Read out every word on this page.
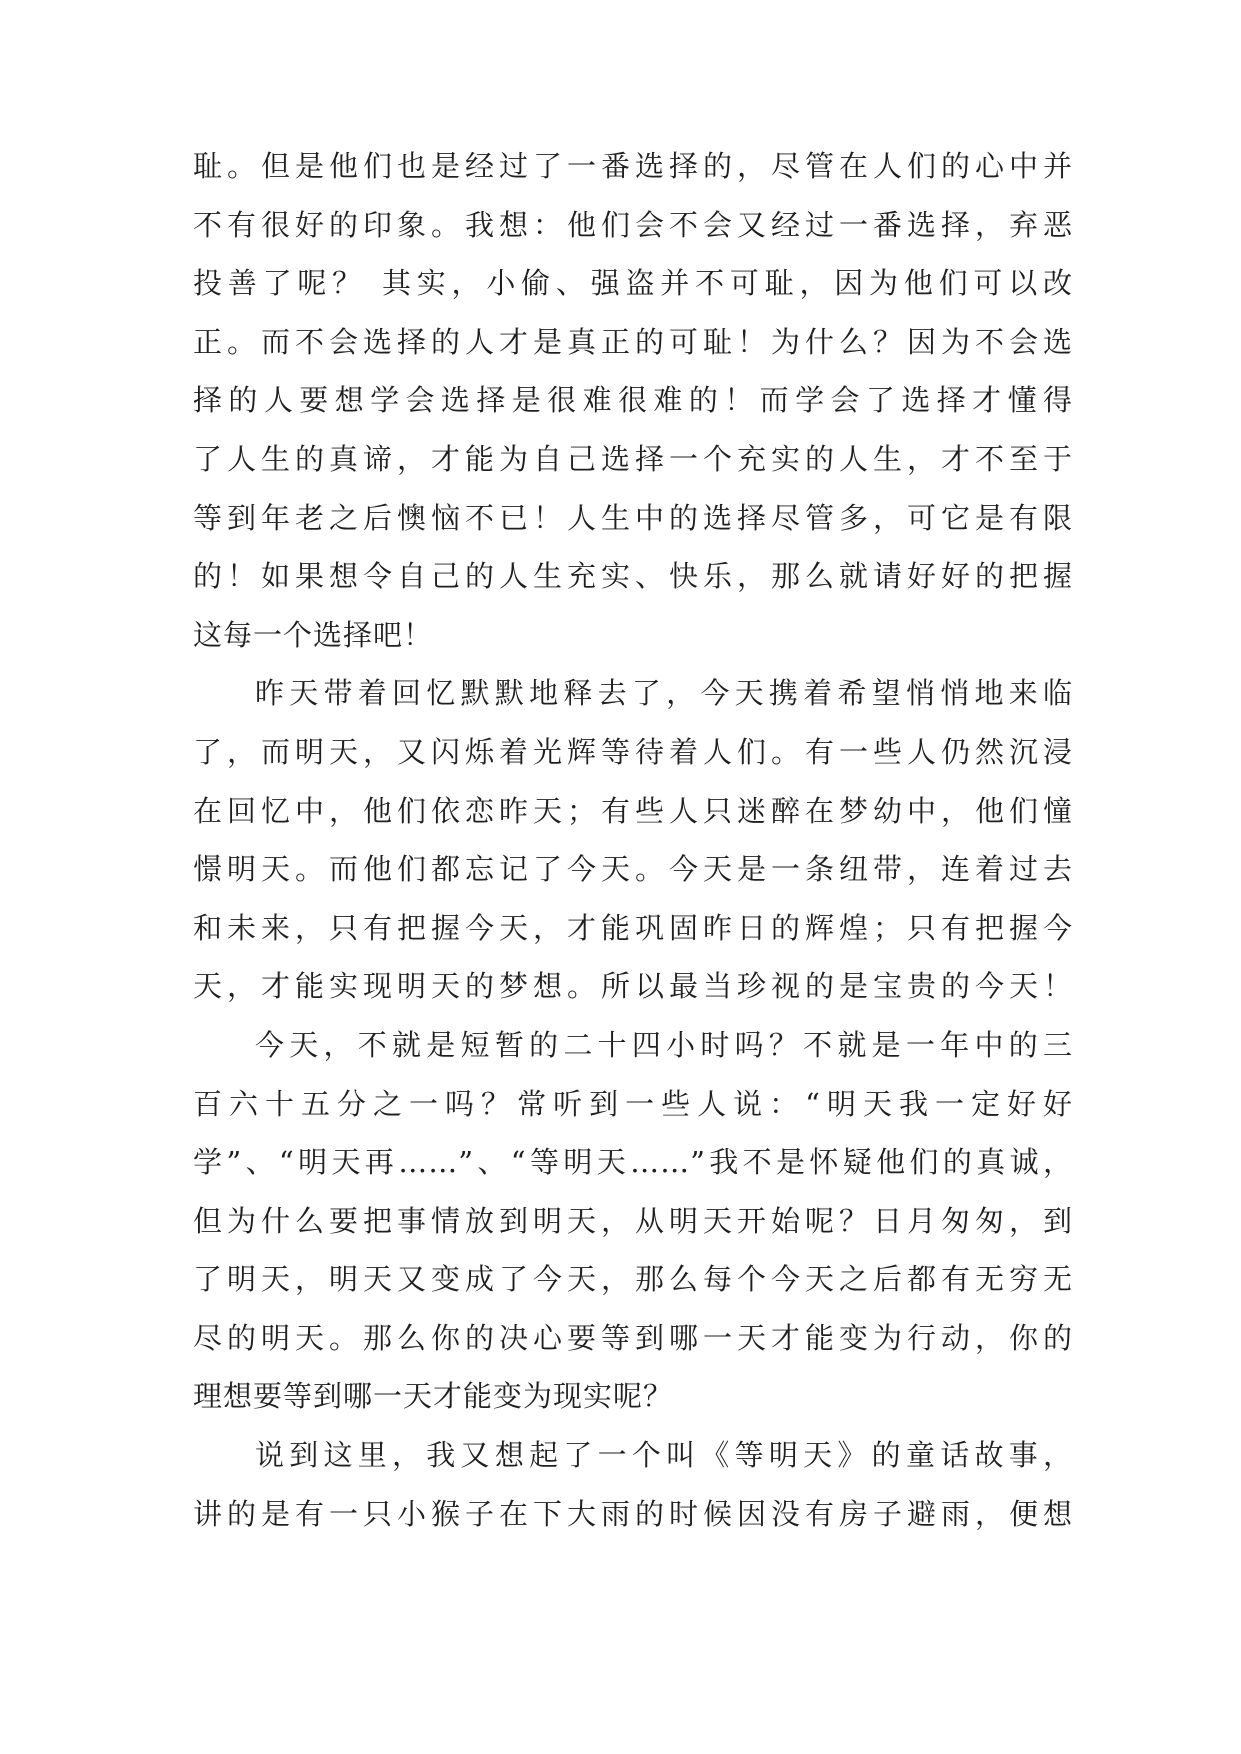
耻。但是他们也是经过了一番选择的，尽管在人们的心中并
不有很好的印象。我想：他们会不会又经过一番选择，弃恶
投善了呢？ 其实，小偷、强盗并不可耻，因为他们可以改
正。而不会选择的人才是真正的可耻！为什么？因为不会选
择的人要想学会选择是很难很难的！而学会了选择才懂得
了人生的真谛，才能为自己选择一个充实的人生，才不至于
等到年老之后懊恼不已！人生中的选择尽管多，可它是有限
的！如果想令自己的人生充实、快乐，那么就请好好的把握
这每一个选择吧！
昨天带着回忆默默地释去了，今天携着希望悄悄地来临
了，而明天，又闪烁着光辉等待着人们。有一些人仍然沉浸
在回忆中，他们依恋昨天；有些人只迷醉在梦幼中，他们憧
憬明天。而他们都忘记了今天。今天是一条纽带，连着过去
和未来，只有把握今天，才能巩固昨日的辉煌；只有把握今
天，才能实现明天的梦想。所以最当珍视的是宝贵的今天！
今天，不就是短暂的二十四小时吗？不就是一年中的三
百六十五分之一吗？常听到一些人说：“明天我一定好好
学”、“明天再……”、“等明天……”我不是怀疑他们的真诚，
但为什么要把事情放到明天，从明天开始呢？日月匆匆，到
了明天，明天又变成了今天，那么每个今天之后都有无穷无
尽的明天。那么你的决心要等到哪一天才能变为行动，你的
理想要等到哪一天才能变为现实呢？
说到这里，我又想起了一个叫《等明天》的童话故事，
讲的是有一只小猴子在下大雨的时候因没有房子避雨，便想
